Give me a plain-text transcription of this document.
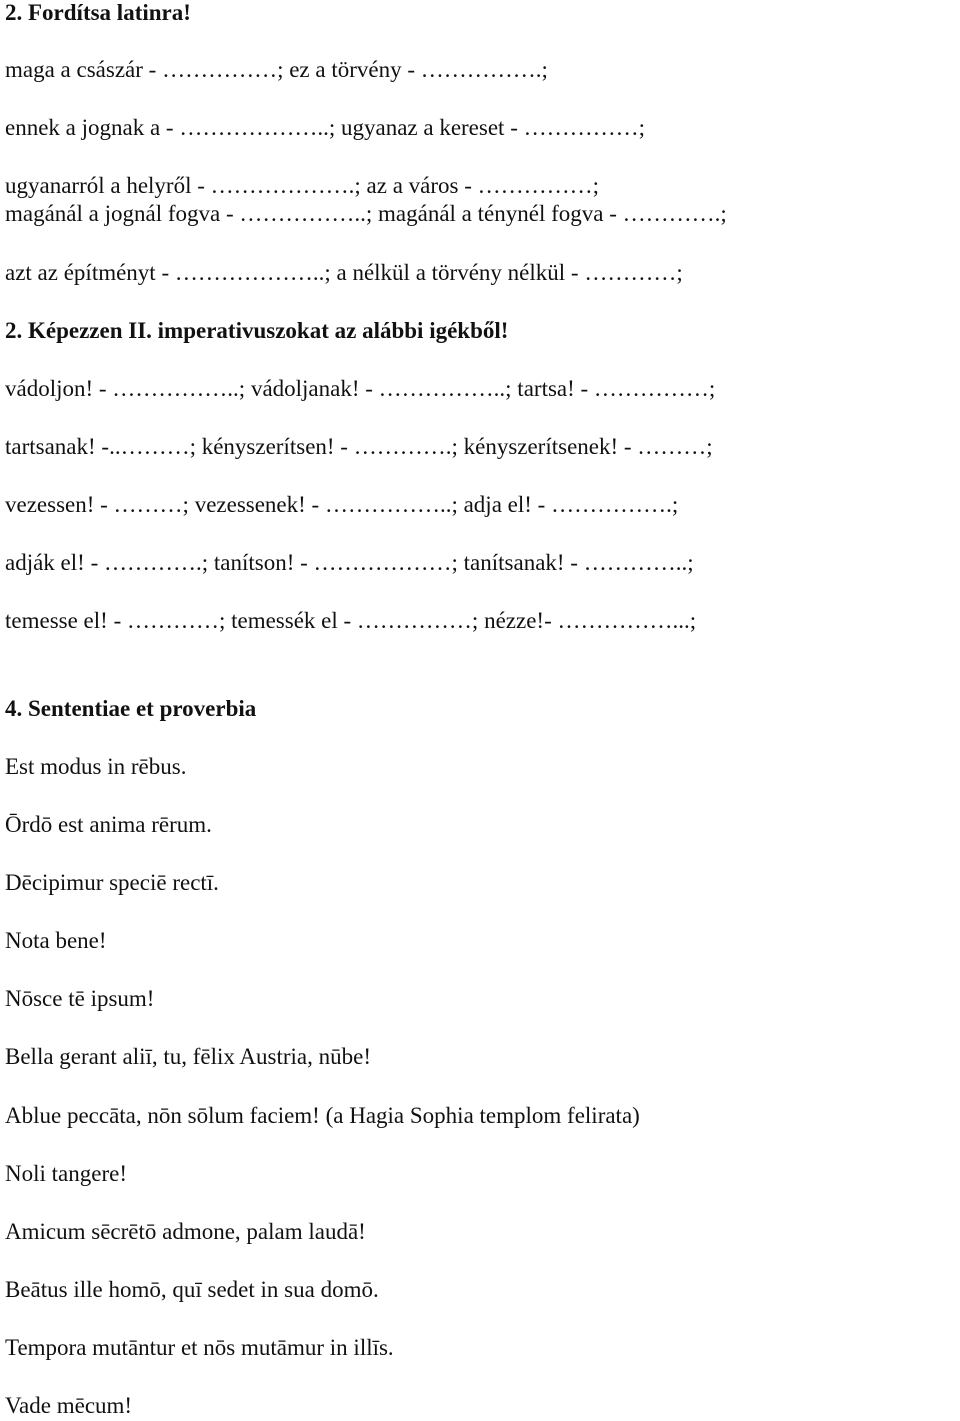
2. Fordítsa latinra!
maga a császár - ……………; ez a törvény - …………….;
ennek a jognak a - ………………..; ugyanaz a kereset - ……………;
ugyanarról a helyről - ……………….; az a város - ……………;
magánál a jognál fogva - ……………..; magánál a ténynél fogva - ………….;
azt az építményt - ………………..; a nélkül a törvény nélkül - …………;
2. Képezzen II. imperativuszokat az alábbi igékből!
vádoljon! - ……………..; vádoljanak! - ……………..; tartsa! - ……………;
tartsanak! -..………; kényszerítsen! - ………….; kényszerítsenek! - ………;
vezessen! - ………; vezessenek! - ……………..; adja el! - …………….;
adják el! - ………….; tanítson! - ………………; tanítsanak! - …………..;
temesse el! - …………; temessék el - ……………; nézze!- ……………...;
4. Sententiae et proverbia
Est modus in rēbus.
Ōrdō est anima rērum.
Dēcipimur speciē rectī.
Nota bene!
Nōsce tē ipsum!
Bella gerant aliī, tu, fēlix Austria, nūbe!
Ablue peccāta, nōn sōlum faciem! (a Hagia Sophia templom felirata)
Noli tangere!
Amicum sēcrētō admone, palam laudā!
Beātus ille homō, quī sedet in sua domō.
Tempora mutāntur et nōs mutāmur in illīs.
Vade mēcum!
